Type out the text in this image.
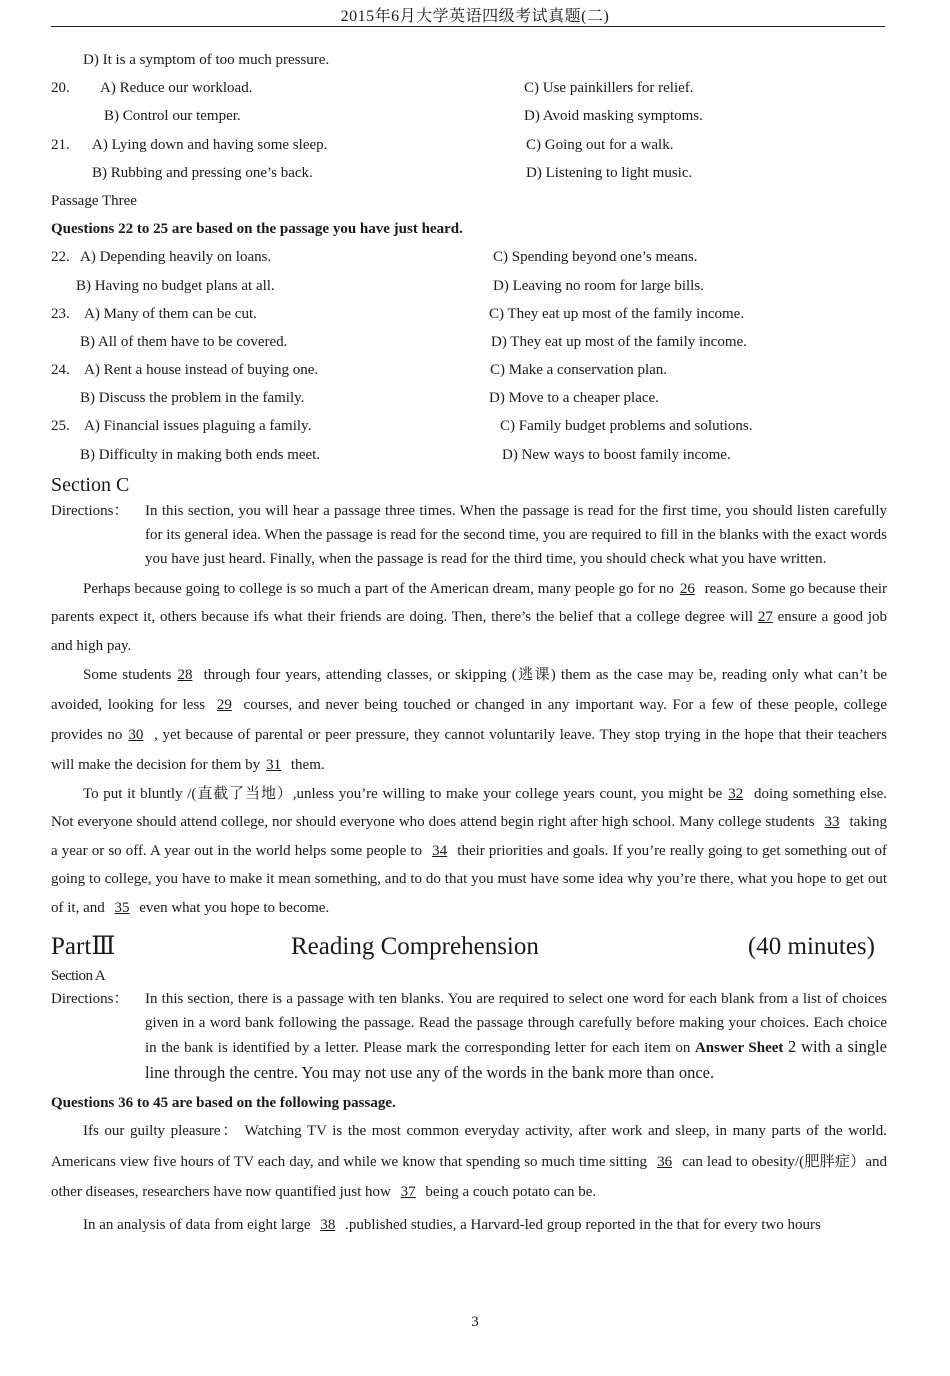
2015年6月大学英语四级考试真题(二)
D) It is a symptom of too much pressure.
20. A) Reduce our workload.	C) Use painkillers for relief.
B) Control our temper.	D) Avoid masking symptoms.
21. A) Lying down and having some sleep.	C) Going out for a walk.
B) Rubbing and pressing one’s back.	D) Listening to light music.
Passage Three
Questions 22 to 25 are based on the passage you have just heard.
22. A) Depending heavily on loans.	C) Spending beyond one’s means.
B) Having no budget plans at all.	D) Leaving no room for large bills.
23. A) Many of them can be cut.	C) They eat up most of the family income.
B) All of them have to be covered.	D) They eat up most of the family income.
24. A) Rent a house instead of buying one.	C) Make a conservation plan.
B) Discuss the problem in the family.	D) Move to a cheaper place.
25. A) Financial issues plaguing a family.	C) Family budget problems and solutions.
B) Difficulty in making both ends meet.	D) New ways to boost family income.
Section C
Directions： In this section, you will hear a passage three times. When the passage is read for the first time, you should listen carefully for its general idea. When the passage is read for the second time, you are required to fill in the blanks with the exact words you have just heard. Finally, when the passage is read for the third time, you should check what you have written.

Perhaps because going to college is so much a part of the American dream, many people go for no 26 reason. Some go because their parents expect it, others because ifs what their friends are doing. Then, there’s the belief that a college degree will 27 ensure a good job and high pay.

Some students 28 through four years, attending classes, or skipping (逃课) them as the case may be, reading only what can’t be avoided, looking for less 29 courses, and never being touched or changed in any important way. For a few of these people, college provides no 30 , yet because of parental or peer pressure, they cannot voluntarily leave. They stop trying in the hope that their teachers will make the decision for them by 31 them.

To put it bluntly /(直截了当地）,unless you’re willing to make your college years count, you might be 32 doing something else. Not everyone should attend college, nor should everyone who does attend begin right after high school. Many college students 33 taking a year or so off. A year out in the world helps some people to 34 their priorities and goals. If you’re really going to get something out of going to college, you have to make it mean something, and to do that you must have some idea why you’re there, what you hope to get out of it, and 35 even what you hope to become.

PartⅢ	Reading Comprehension	(40 minutes)
Section A
Directions： In this section, there is a passage with ten blanks. You are required to select one word for each blank from a list of choices given in a word bank following the passage. Read the passage through carefully before making your choices. Each choice in the bank is identified by a letter. Please mark the corresponding letter for each item on Answer Sheet 2 with a single line through the centre. You may not use any of the words in the bank more than once.
Questions 36 to 45 are based on the following passage.

Ifs our guilty pleasure： Watching TV is the most common everyday activity, after work and sleep, in many parts of the world. Americans view five hours of TV each day, and while we know that spending so much time sitting 36 can lead to obesity/(肥胖症）and other diseases, researchers have now quantified just how 37 being a couch potato can be.

In an analysis of data from eight large 38 .published studies, a Harvard-led group reported in the that for every two hours

3
